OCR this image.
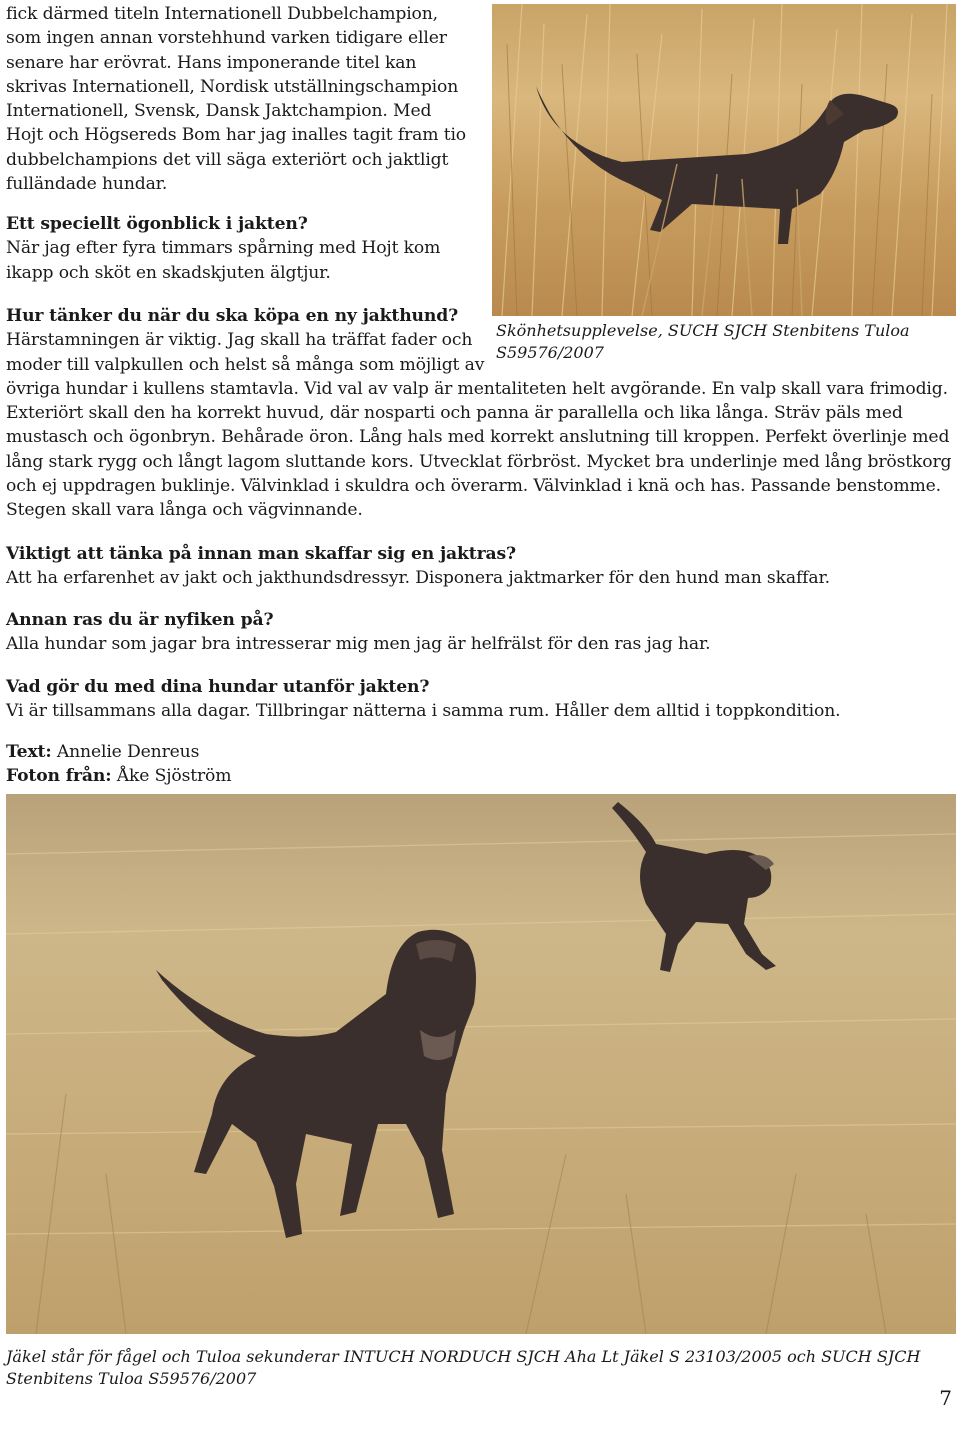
fick därmed titeln Internationell Dubbelchampion,
som ingen annan vorstehhund varken tidigare eller
senare har erövrat. Hans imponerande titel kan
skrivas Internationell, Nordisk utställningschampion
Internationell, Svensk, Dansk Jaktchampion. Med
Hojt och Högsereds Bom har jag inalles tagit fram tio
dubbelchampions det vill säga exteriört och jaktligt
fulländade hundar.
Ett speciellt ögonblick i jakten?
När jag efter fyra timmars spårning med Hojt kom
ikapp och sköt en skadskjuten älgtjur.
Hur tänker du när du ska köpa en ny jakthund?
Härstamningen är viktig. Jag skall ha träffat fader och
moder till valpkullen och helst så många som möjligt av
övriga hundar i kullens stamtavla. Vid val av valp är mentaliteten helt avgörande. En valp skall vara frimodig.
Exteriört skall den ha korrekt huvud, där nosparti och panna är parallella och lika långa. Sträv päls med
mustasch och ögonbryn. Behårade öron. Lång hals med korrekt anslutning till kroppen. Perfekt överlinje med
lång stark rygg och långt lagom sluttande kors. Utvecklat förbröst. Mycket bra underlinje med lång bröstkorg
och ej uppdragen buklinje. Välvinklad i skuldra och överarm. Välvinklad i knä och has. Passande benstomme.
Stegen skall vara långa och vägvinnande.
Viktigt att tänka på innan man skaffar sig en jaktras?
Att ha erfarenhet av jakt och jakthundsdressyr. Disponera jaktmarker för den hund man skaffar.
Annan ras du är nyfiken på?
Alla hundar som jagar bra intresserar mig men jag är helfrälst för den ras jag har.
Vad gör du med dina hundar utanför jakten?
Vi är tillsammans alla dagar. Tillbringar nätterna i samma rum. Håller dem alltid i toppkondition.
Text: Annelie Denreus
Foton från: Åke Sjöström
Skönhetsupplevelse, SUCH SJCH Stenbitens Tuloa
S59576/2007
Jäkel står för fågel och Tuloa sekunderar INTUCH NORDUCH SJCH Aha Lt Jäkel S 23103/2005 och SUCH SJCH
Stenbitens Tuloa S59576/2007
7
